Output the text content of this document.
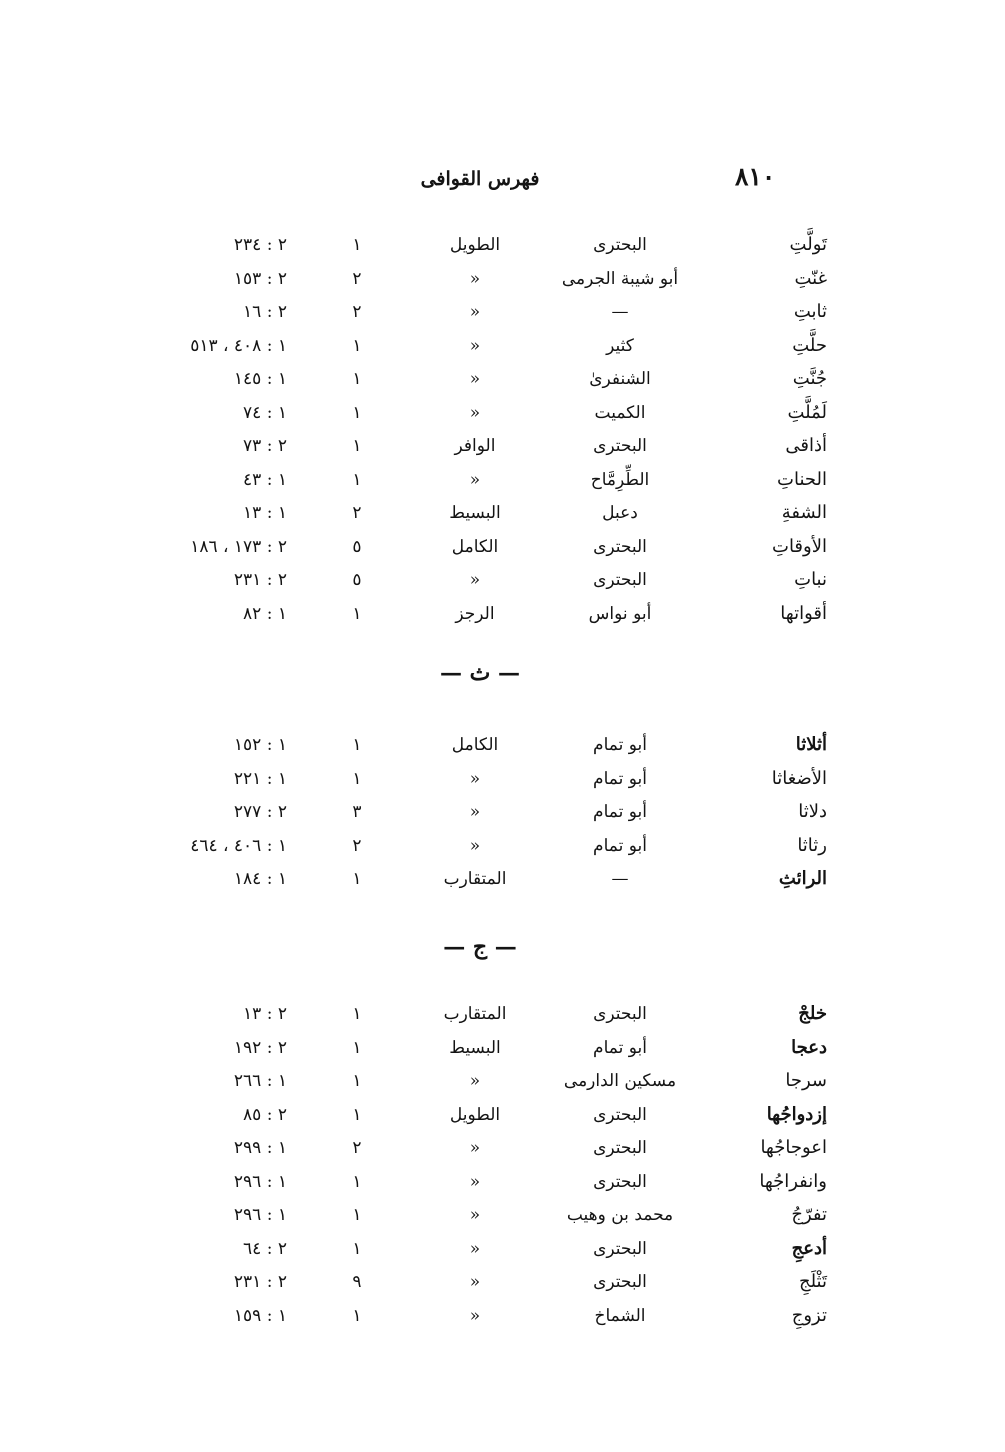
٨١٠
فهرس القوافى
تَولَّتِ
البحترى
الطويل
١
٢ : ٢٣٤
غنّتِ
أبو شيبة الجرمى
»
٢
٢ : ١٥٣
ثابتِ
—
»
٢
٢ : ١٦
حلَّتِ
كثير
»
١
١ : ٤٠٨ ، ٥١٣
جُنَّتِ
الشنفرىٰ
»
١
١ : ١٤٥
لَمُلَّتِ
الكميت
»
١
١ : ٧٤
أذاقى
البحترى
الوافر
١
٢ : ٧٣
الحناتِ
الطِّرِمَّاح
»
١
١ : ٤٣
الشفةِ
دعبل
البسيط
٢
١ : ١٣
الأوقاتِ
البحترى
الكامل
٥
٢ : ١٧٣ ، ١٨٦
نباتِ
البحترى
»
٥
٢ : ٢٣١
أقواتها
أبو نواس
الرجز
١
١ : ٨٢
— ث —
أثلاثا
أبو تمام
الكامل
١
١ : ١٥٢
الأضغاثا
أبو تمام
»
١
١ : ٢٢١
دلاثا
أبو تمام
»
٣
٢ : ٢٧٧
رثاثا
أبو تمام
»
٢
١ : ٤٠٦ ، ٤٦٤
الرائثِ
—
المتقارب
١
١ : ١٨٤
— ج —
خلجْ
البحترى
المتقارب
١
٢ : ١٣
دعجا
أبو تمام
البسيط
١
٢ : ١٩٢
سرجا
مسكين الدارمى
»
١
١ : ٢٦٦
إزدواجُها
البحترى
الطويل
١
٢ : ٨٥
اعوجاجُها
البحترى
»
٢
١ : ٢٩٩
وانفراجُها
البحترى
»
١
١ : ٢٩٦
تفرّجُ
محمد بن وهيب
»
١
١ : ٢٩٦
أدعجِ
البحترى
»
١
٢ : ٦٤
تَثْلَجِ
البحترى
»
٩
٢ : ٢٣١
تزوجِ
الشماخ
»
١
١ : ١٥٩
